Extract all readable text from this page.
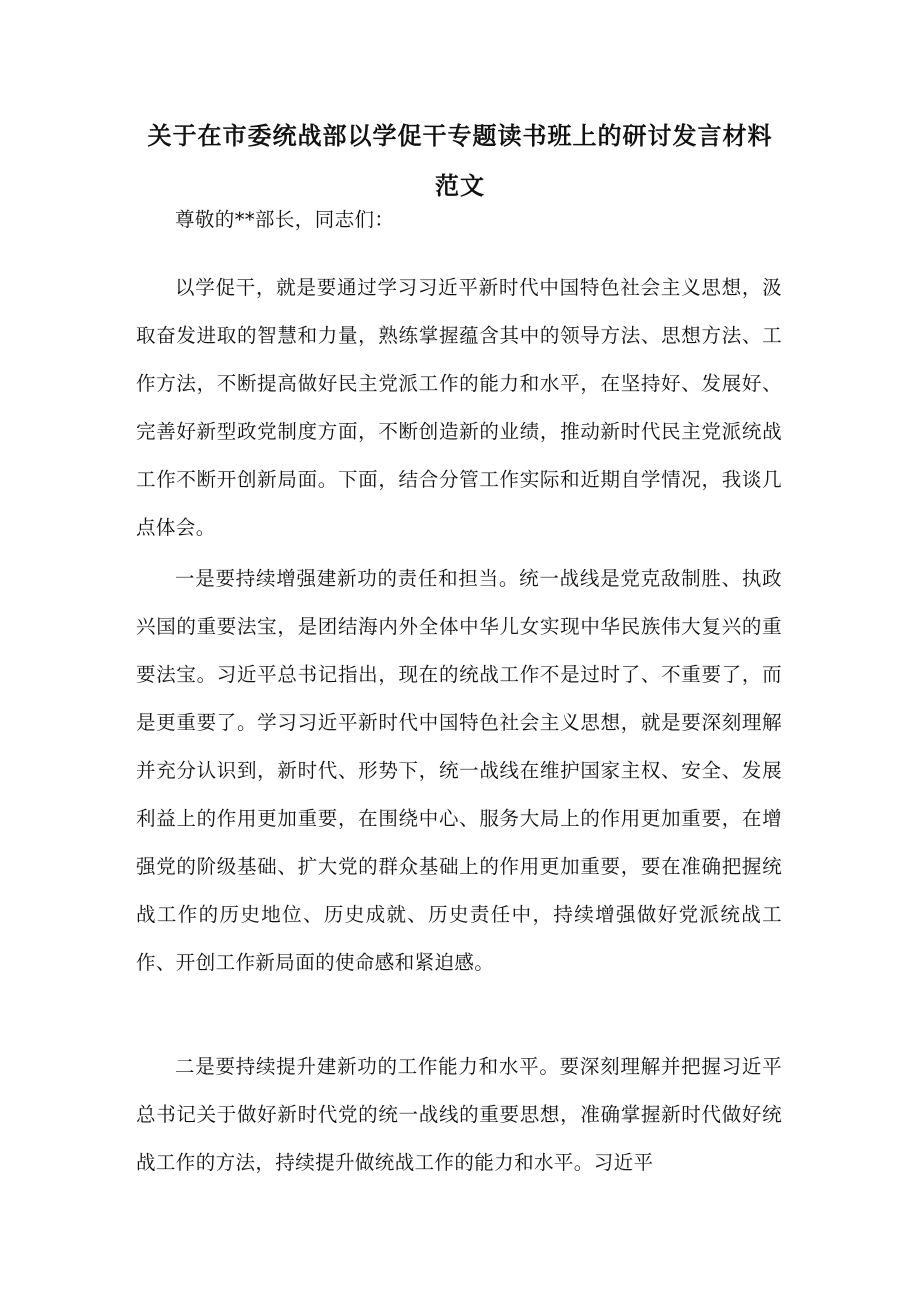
关于在市委统战部以学促干专题读书班上的研讨发言材料
范文

尊敬的**部长，同志们：

以学促干，就是要通过学习习近平新时代中国特色社会主义思想，汲取奋发进取的智慧和力量，熟练掌握蕴含其中的领导方法、思想方法、工作方法，不断提高做好民主党派工作的能力和水平，在坚持好、发展好、完善好新型政党制度方面，不断创造新的业绩，推动新时代民主党派统战工作不断开创新局面。下面，结合分管工作实际和近期自学情况，我谈几点体会。

一是要持续增强建新功的责任和担当。统一战线是党克敌制胜、执政兴国的重要法宝，是团结海内外全体中华儿女实现中华民族伟大复兴的重要法宝。习近平总书记指出，现在的统战工作不是过时了、不重要了，而是更重要了。学习习近平新时代中国特色社会主义思想，就是要深刻理解并充分认识到，新时代、形势下，统一战线在维护国家主权、安全、发展利益上的作用更加重要，在围绕中心、服务大局上的作用更加重要，在增强党的阶级基础、扩大党的群众基础上的作用更加重要，要在准确把握统战工作的历史地位、历史成就、历史责任中，持续增强做好党派统战工作、开创工作新局面的使命感和紧迫感。

二是要持续提升建新功的工作能力和水平。要深刻理解并把握习近平总书记关于做好新时代党的统一战线的重要思想，准确掌握新时代做好统战工作的方法，持续提升做统战工作的能力和水平。习近平
